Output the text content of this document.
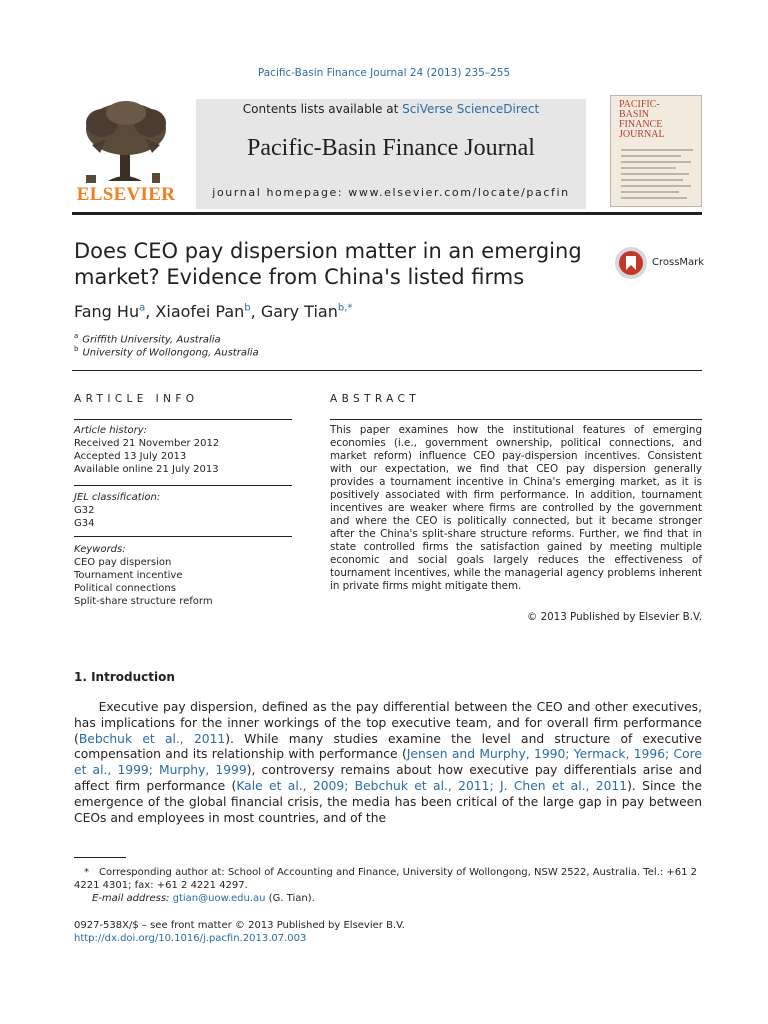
Pacific-Basin Finance Journal 24 (2013) 235–255
Contents lists available at SciVerse ScienceDirect
Pacific-Basin Finance Journal
journal homepage: www.elsevier.com/locate/pacfin
ELSEVIER
PACIFIC-
BASIN
FINANCE
JOURNAL
Does CEO pay dispersion matter in an emerging
market? Evidence from China's listed firms
CrossMark
Fang Hu$^a$, Xiaofei Pan$^b$, Gary Tian$^{b,*}$
$^a$ Griffith University, Australia
$^b$ University of Wollongong, Australia
ARTICLE INFO	ABSTRACT
Article history:
Received 21 November 2012
Accepted 13 July 2013
Available online 21 July 2013
JEL classification:
G32
G34
Keywords:
CEO pay dispersion
Tournament incentive
Political connections
Split-share structure reform
This paper examines how the institutional features of emerging economies (i.e., government ownership, political connections, and market reform) influence CEO pay-dispersion incentives. Consistent with our expectation, we find that CEO pay dispersion generally provides a tournament incentive in China's emerging market, as it is positively associated with firm performance. In addition, tournament incentives are weaker where firms are controlled by the government and where the CEO is politically connected, but it became stronger after the China's split-share structure reforms. Further, we find that in state controlled firms the satisfaction gained by meeting multiple economic and social goals largely reduces the effectiveness of tournament incentives, while the managerial agency problems inherent in private firms might mitigate them.
© 2013 Published by Elsevier B.V.
1. Introduction
  Executive pay dispersion, defined as the pay differential between the CEO and other executives, has implications for the inner workings of the top executive team, and for overall firm performance (Bebchuk et al., 2011). While many studies examine the level and structure of executive compensation and its relationship with performance (Jensen and Murphy, 1990; Yermack, 1996; Core et al., 1999; Murphy, 1999), controversy remains about how executive pay differentials arise and affect firm performance (Kale et al., 2009; Bebchuk et al., 2011; J. Chen et al., 2011). Since the emergence of the global financial crisis, the media has been critical of the large gap in pay between CEOs and employees in most countries, and of the
 *  Corresponding author at: School of Accounting and Finance, University of Wollongong, NSW 2522, Australia. Tel.: +61 2 4221 4301; fax: +61 2 4221 4297.
E-mail address: gtian@uow.edu.au (G. Tian).
0927-538X/$ – see front matter © 2013 Published by Elsevier B.V.
http://dx.doi.org/10.1016/j.pacfin.2013.07.003
